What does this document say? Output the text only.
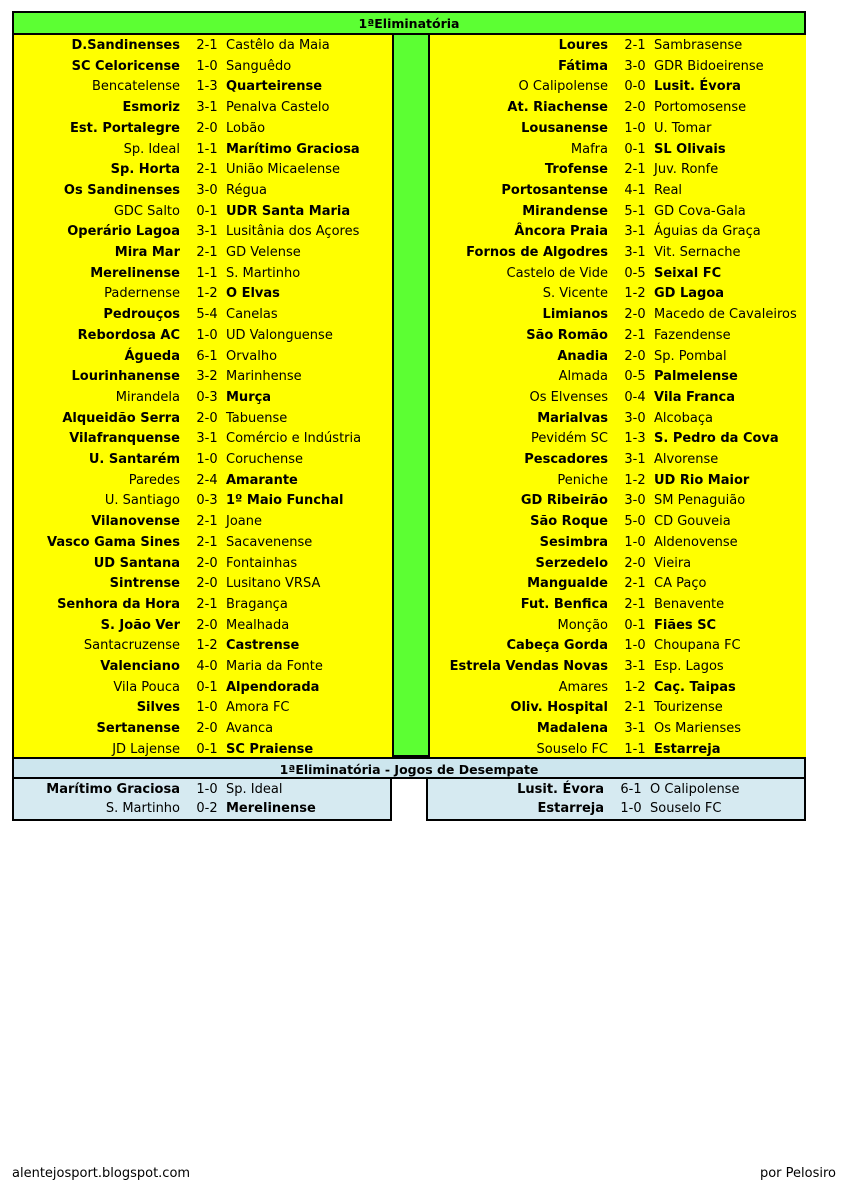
1ªEliminatória
D.Sandinenses	2-1 Castêlo da Maia
SC Celoricense	1-0 Sanguêdo
Bencatelense	1-3 Quarteirense
Esmoriz	3-1 Penalva Castelo
Est. Portalegre	2-0 Lobão
Sp. Ideal	1-1 Marítimo Graciosa
Sp. Horta	2-1 União Micaelense
Os Sandinenses	3-0 Régua
GDC Salto	0-1 UDR Santa Maria
Operário Lagoa	3-1 Lusitânia dos Açores
Mira Mar	2-1 GD Velense
Merelinense	1-1 S. Martinho
Padernense	1-2 O Elvas
Pedrouços	5-4 Canelas
Rebordosa AC	1-0 UD Valonguense
Águeda	6-1 Orvalho
Lourinhanense	3-2 Marinhense
Mirandela	0-3 Murça
Alqueidão Serra	2-0 Tabuense
Vilafranquense	3-1 Comércio e Indústria
U. Santarém	1-0 Coruchense
Paredes	2-4 Amarante
U. Santiago	0-3 1º Maio Funchal
Vilanovense	2-1 Joane
Vasco Gama Sines	2-1 Sacavenense
UD Santana	2-0 Fontainhas
Sintrense	2-0 Lusitano VRSA
Senhora da Hora	2-1 Bragança
S. João Ver	2-0 Mealhada
Santacruzense	1-2 Castrense
Valenciano	4-0 Maria da Fonte
Vila Pouca	0-1 Alpendorada
Silves	1-0 Amora FC
Sertanense	2-0 Avanca
JD Lajense	0-1 SC Praiense
Loures	2-1 Sambrasense
Fátima	3-0 GDR Bidoeirense
O Calipolense	0-0 Lusit. Évora
At. Riachense	2-0 Portomosense
Lousanense	1-0 U. Tomar
Mafra	0-1 SL Olivais
Trofense	2-1 Juv. Ronfe
Portosantense	4-1 Real
Mirandense	5-1 GD Cova-Gala
Âncora Praia	3-1 Águias da Graça
Fornos de Algodres	3-1 Vit. Sernache
Castelo de Vide	0-5 Seixal FC
S. Vicente	1-2 GD Lagoa
Limianos	2-0 Macedo de Cavaleiros
São Romão	2-1 Fazendense
Anadia	2-0 Sp. Pombal
Almada	0-5 Palmelense
Os Elvenses	0-4 Vila Franca
Marialvas	3-0 Alcobaça
Pevidém SC	1-3 S. Pedro da Cova
Pescadores	3-1 Alvorense
Peniche	1-2 UD Rio Maior
GD Ribeirão	3-0 SM Penaguião
São Roque	5-0 CD Gouveia
Sesimbra	1-0 Aldenovense
Serzedelo	2-0 Vieira
Mangualde	2-1 CA Paço
Fut. Benfica	2-1 Benavente
Monção	0-1 Fiães SC
Cabeça Gorda	1-0 Choupana FC
Estrela Vendas Novas	3-1 Esp. Lagos
Amares	1-2 Caç. Taipas
Oliv. Hospital	2-1 Tourizense
Madalena	3-1 Os Marienses
Souselo FC	1-1 Estarreja
1ªEliminatória - Jogos de Desempate
Marítimo Graciosa	1-0 Sp. Ideal
S. Martinho	0-2 Merelinense
Lusit. Évora	6-1 O Calipolense
Estarreja	1-0 Souselo FC
alentejosport.blogspot.com	por Pelosiro
